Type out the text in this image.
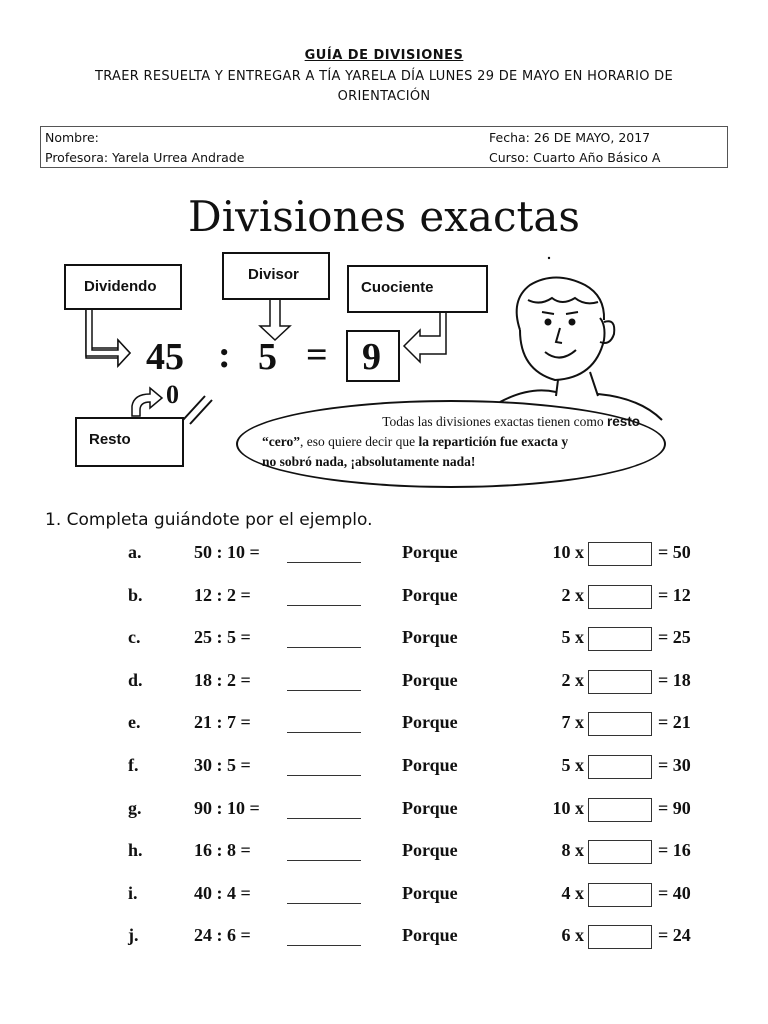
GUÍA DE DIVISIONES
TRAER RESUELTA Y ENTREGAR A TÍA YARELA DÍA LUNES 29 DE MAYO EN HORARIO DE
ORIENTACIÓN
Nombre:
Profesora: Yarela Urrea Andrade
Fecha: 26 DE MAYO, 2017
Curso: Cuarto Año Básico A
Divisiones exactas
Dividendo
Divisor
Cuociente
Resto
45 : 5 = 9
0
Todas las divisiones exactas tienen como resto
“cero”, eso quiere decir que la repartición fue exacta y
no sobró nada, ¡absolutamente nada!
1. Completa guiándote por el ejemplo.
a.	50 : 10 =	Porque	10 x	= 50
b.	12 : 2 =	Porque	2 x	= 12
c.	25 : 5 =	Porque	5 x	= 25
d.	18 : 2 =	Porque	2 x	= 18
e.	21 : 7 =	Porque	7 x	= 21
f.	30 : 5 =	Porque	5 x	= 30
g.	90 : 10 =	Porque	10 x	= 90
h.	16 : 8 =	Porque	8 x	= 16
i.	40 : 4 =	Porque	4 x	= 40
j.	24 : 6 =	Porque	6 x	= 24
